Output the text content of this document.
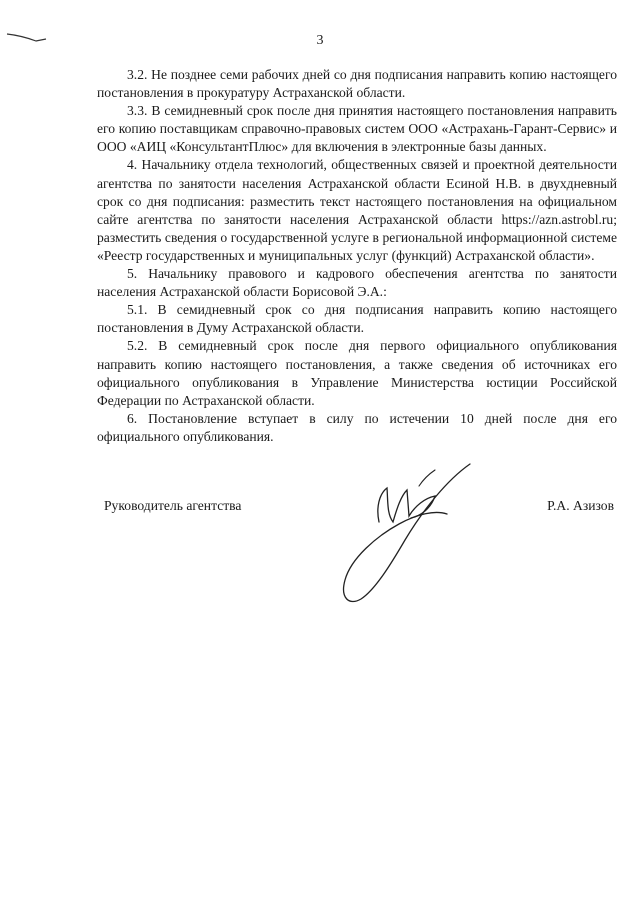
3

3.2. Не позднее семи рабочих дней со дня подписания направить копию настоящего постановления в прокуратуру Астраханской области.

3.3. В семидневный срок после дня принятия настоящего постановления направить его копию поставщикам справочно-правовых систем ООО «Астрахань-Гарант-Сервис» и ООО «АИЦ «КонсультантПлюс» для включения в электронные базы данных.

4. Начальнику отдела технологий, общественных связей и проектной деятельности агентства по занятости населения Астраханской области Есиной Н.В. в двухдневный срок со дня подписания: разместить текст настоящего постановления на официальном сайте агентства по занятости населения Астраханской области https://azn.astrobl.ru; разместить сведения о государственной услуге в региональной информационной системе «Реестр государственных и муниципальных услуг (функций) Астраханской области».

5. Начальнику правового и кадрового обеспечения агентства по занятости населения Астраханской области Борисовой Э.А.:

5.1. В семидневный срок со дня подписания направить копию настоящего постановления в Думу Астраханской области.

5.2. В семидневный срок после дня первого официального опубликования направить копию настоящего постановления, а также сведения об источниках его официального опубликования в Управление Министерства юстиции Российской Федерации по Астраханской области.

6. Постановление вступает в силу по истечении 10 дней после дня его официального опубликования.

Руководитель агентства	Р.А. Азизов
